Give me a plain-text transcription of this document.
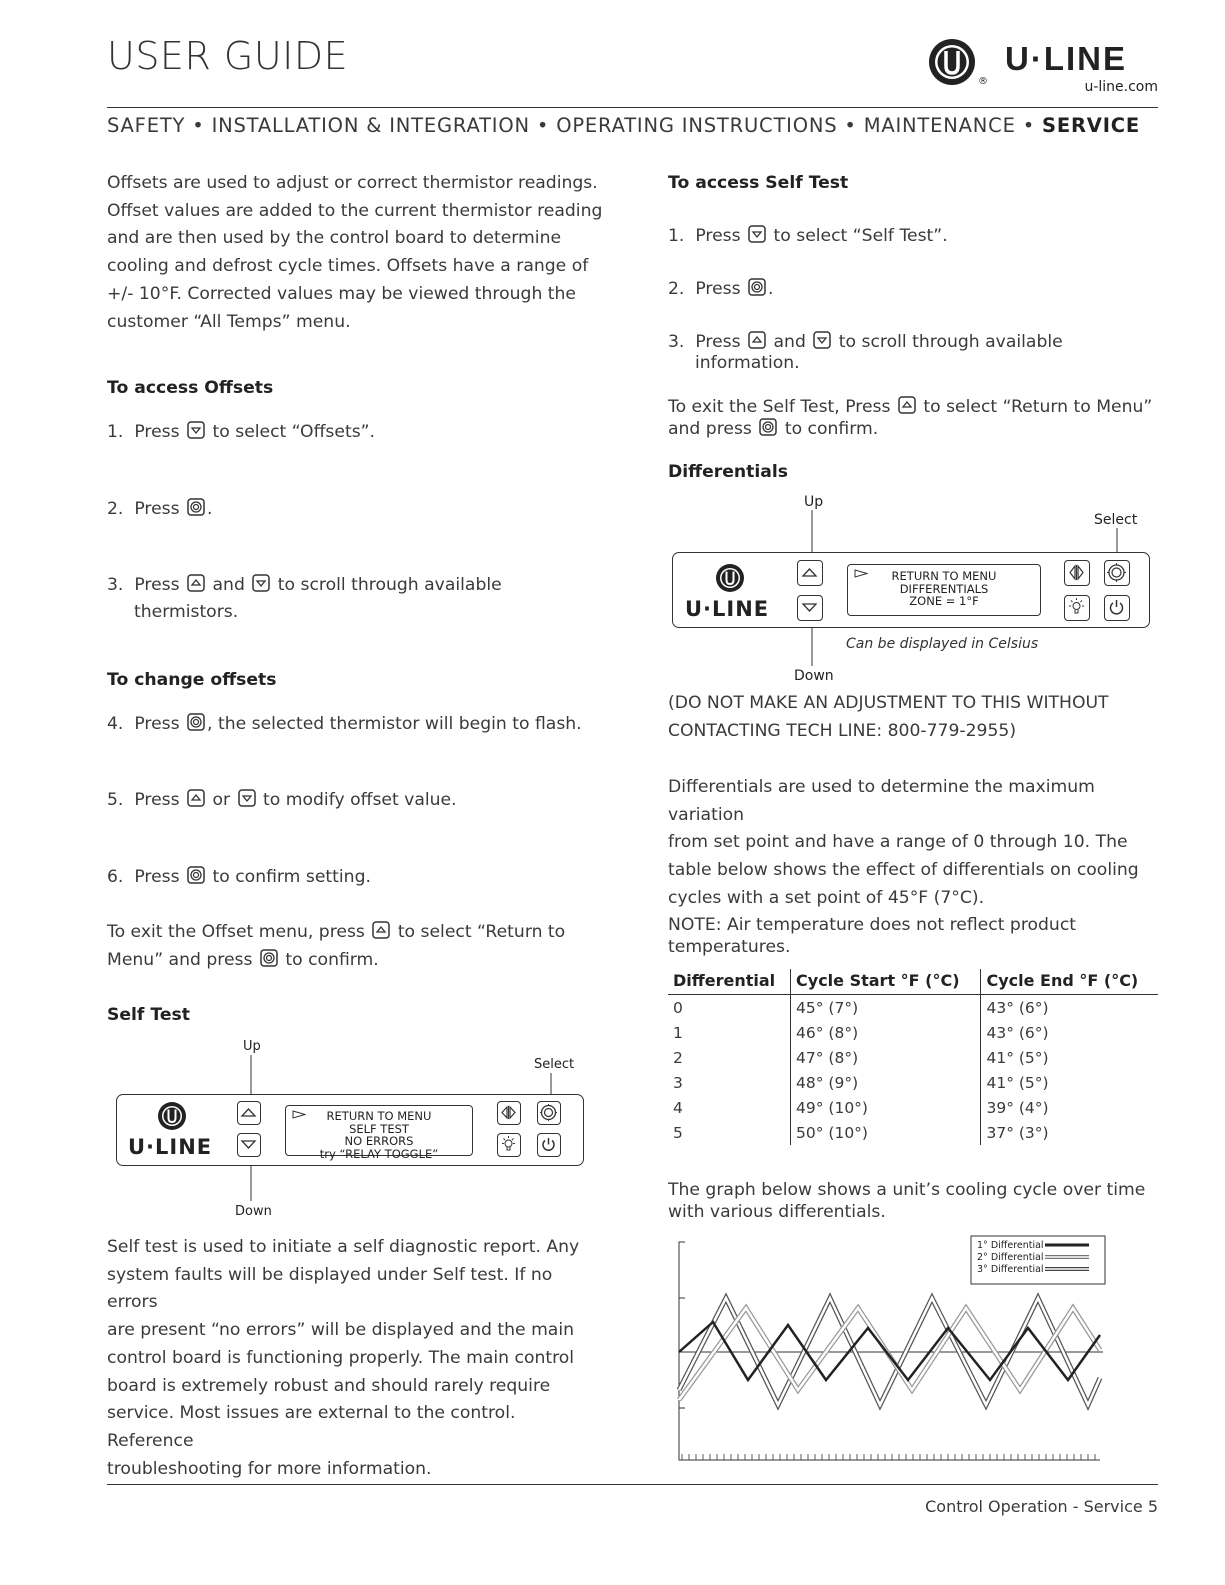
USER GUIDE
®
U·LINE
u-line.com
SAFETY • INSTALLATION & INTEGRATION • OPERATING INSTRUCTIONS • MAINTENANCE • SERVICE
Offsets are used to adjust or correct thermistor readings.
Offset values are added to the current thermistor reading
and are then used by the control board to determine
cooling and defrost cycle times. Offsets have a range of
+/- 10°F. Corrected values may be viewed through the
customer “All Temps” menu.
To access Offsets
1. Press to select “Offsets”.
2. Press .
3. Press and to scroll through available
thermistors.
To change offsets
4. Press , the selected thermistor will begin to flash.
5. Press or to modify offset value.
6. Press to confirm setting.
To exit the Offset menu, press to select “Return to
Menu” and press to confirm.
Self Test
Up
Select
Down
U·LINE
RETURN TO MENU
SELF TEST
NO ERRORS
try “RELAY TOGGLE”
Self test is used to initiate a self diagnostic report. Any
system faults will be displayed under Self test. If no errors
are present “no errors” will be displayed and the main
control board is functioning properly. The main control
board is extremely robust and should rarely require
service. Most issues are external to the control. Reference
troubleshooting for more information.
To access Self Test
1. Press to select “Self Test”.
2. Press .
3. Press and to scroll through available
information.
To exit the Self Test, Press to select “Return to Menu”
and press to confirm.
Differentials
Up
Select
Down
U·LINE
RETURN TO MENU
DIFFERENTIALS
ZONE = 1°F
Can be displayed in Celsius
(DO NOT MAKE AN ADJUSTMENT TO THIS WITHOUT
CONTACTING TECH LINE: 800-779-2955)
Differentials are used to determine the maximum variation
from set point and have a range of 0 through 10. The
table below shows the effect of differentials on cooling
cycles with a set point of 45°F (7°C).
NOTE: Air temperature does not reflect product
temperatures.
Differential	Cycle Start °F (°C)	Cycle End °F (°C)
0	45° (7°)	43° (6°)
1	46° (8°)	43° (6°)
2	47° (8°)	41° (5°)
3	48° (9°)	41° (5°)
4	49° (10°)	39° (4°)
5	50° (10°)	37° (3°)
The graph below shows a unit’s cooling cycle over time
with various differentials.
1° Differential
2° Differential
3° Differential
Control Operation - Service 5
